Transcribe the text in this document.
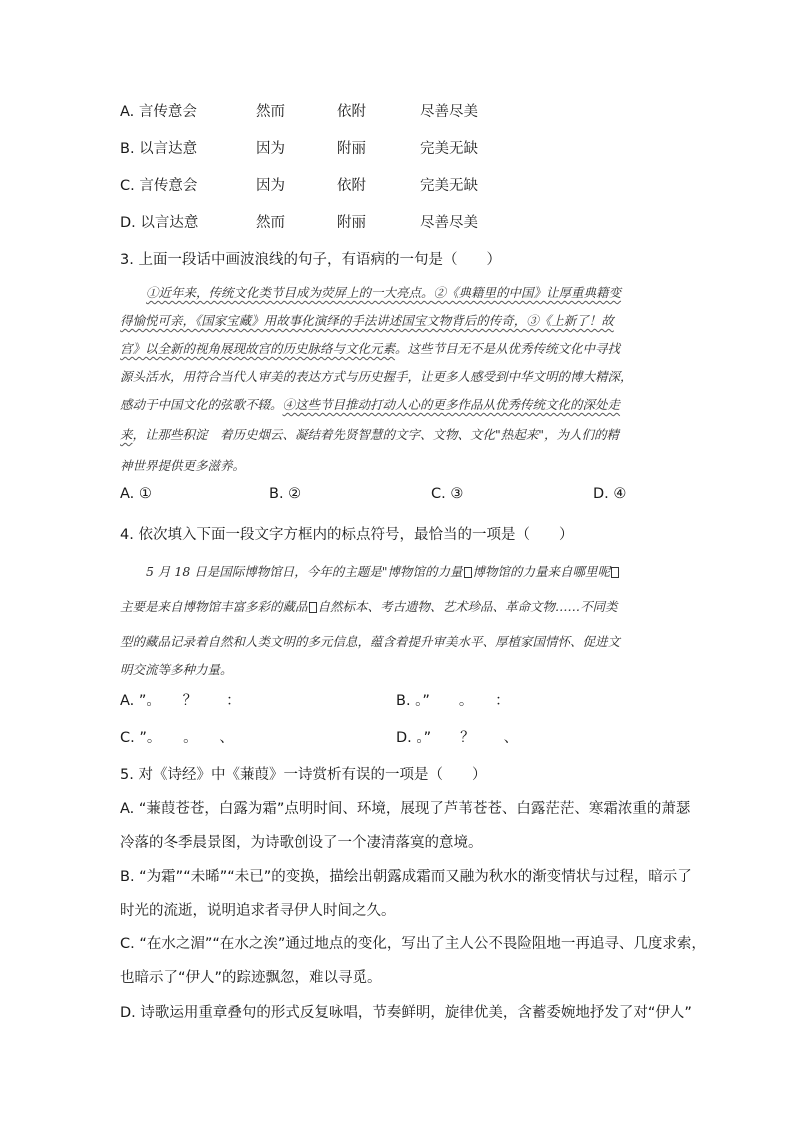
A. 言传意会	然而	依附	尽善尽美
B. 以言达意	因为	附丽	完美无缺
C. 言传意会	因为	依附	完美无缺
D. 以言达意	然而	附丽	尽善尽美
3. 上面一段话中画波浪线的句子，有语病的一句是（　　）
①近年来，传统文化类节目成为荧屏上的一大亮点。②《典籍里的中国》让厚重典籍变
得愉悦可亲，《国家宝藏》用故事化演绎的手法讲述国宝文物背后的传奇，③《上新了！故
宫》以全新的视角展现故宫的历史脉络与文化元素。这些节目无不是从优秀传统文化中寻找
源头活水，用符合当代人审美的表达方式与历史握手，让更多人感受到中华文明的博大精深，
感动于中国文化的弦歌不辍。④这些节目推动打动人心的更多作品从优秀传统文化的深处走
来，让那些积淀　着历史烟云、凝结着先贤智慧的文字、文物、文化"热起来"，为人们的精
神世界提供更多滋养。
A. ①	B. ②	C. ③	D. ④
4. 依次填入下面一段文字方框内的标点符号，最恰当的一项是（　　）
5 月 18 日是国际博物馆日，今年的主题是"博物馆的力量 博物馆的力量来自哪里呢
主要是来自博物馆丰富多彩的藏品 自然标本、考古遗物、艺术珍品、革命文物……不同类
型的藏品记录着自然和人类文明的多元信息，蕴含着提升审美水平、厚植家国情怀、促进文
明交流等多种力量。
A. ”。　　？　　：	B. 。”　　。　　：
C. ”。　　。　　、	D. 。”　　？　　、
5. 对《诗经》中《蒹葭》一诗赏析有误的一项是（　　）
A. “蒹葭苍苍，白露为霜”点明时间、环境，展现了芦苇苍苍、白露茫茫、寒霜浓重的萧瑟
冷落的冬季晨景图，为诗歌创设了一个凄清落寞的意境。
B. “为霜”“未晞”“未已”的变换，描绘出朝露成霜而又融为秋水的渐变情状与过程，暗示了
时光的流逝，说明追求者寻伊人时间之久。
C. “在水之湄”“在水之涘”通过地点的变化，写出了主人公不畏险阻地一再追寻、几度求索，
也暗示了“伊人”的踪迹飘忽，难以寻觅。
D. 诗歌运用重章叠句的形式反复咏唱，节奏鲜明，旋律优美，含蓄委婉地抒发了对“伊人”
